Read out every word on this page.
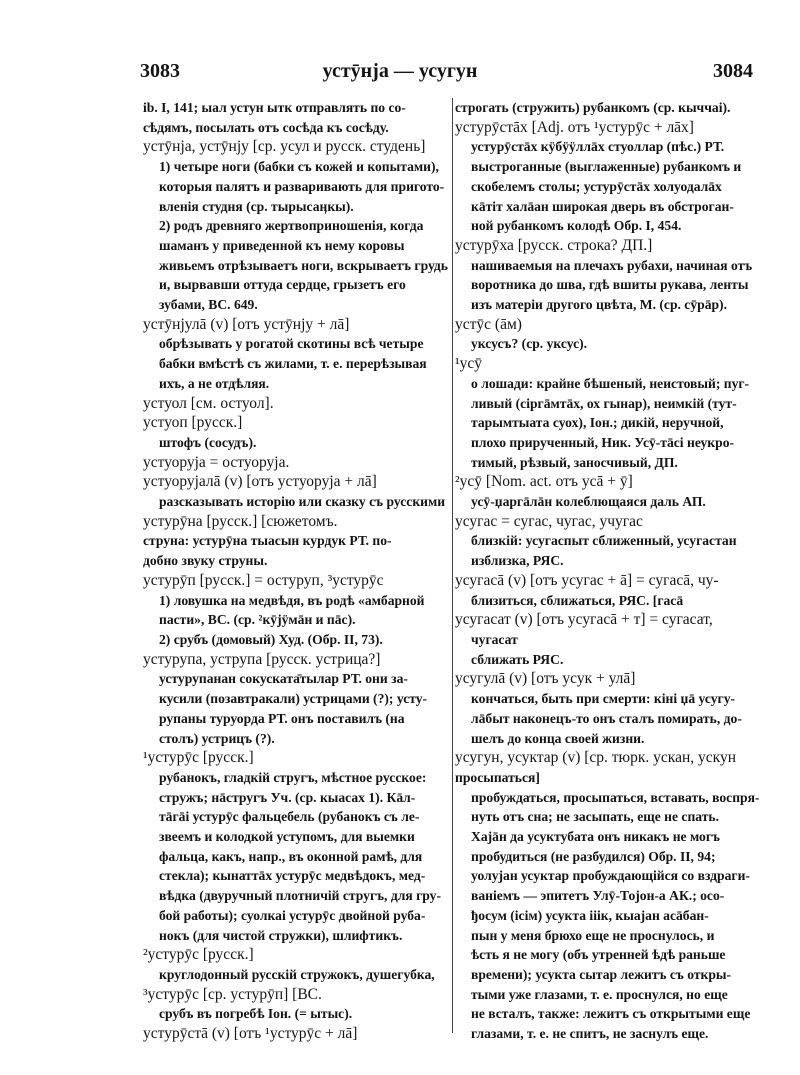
3083	устӯнја — усугун	3084

ib. I, 141; ыал устун ытк отправлять по со-

сѣдямъ, посылать отъ сосѣда къ сосѣду.

устӯнја, устӯнју [ср. усул и русск. студень]

1) четыре ноги (бабки съ кожей и копытами),

которыя палятъ и разваривають для пригото-

вленія студня (ср. тырысаӊкы).

2) родъ древняго жертвоприношенія, когда

шаманъ у приведенной къ нему коровы

живьемъ отрѣзываетъ ноги, вскрываетъ грудь

и, вырвавши оттуда сердце, грызетъ его

зубами, ВС. 649.

устӯнјулā (v) [отъ устӯнју + лā]

обрѣзывать у рогатой скотины всѣ четыре

бабки вмѣстѣ съ жилами, т. е. перерѣзывая

ихъ, а не отдѣляя.

устуол [см. остуол].

устуоп [русск.]

штофъ (сосудъ).

устуоруја = остуоруја.

устуоруjалā (v) [отъ устуоруја + лā]

разсказывать исторію или сказку съ русскими

устурӯна [русск.] [сюжетомъ.

струна: устурӯна тыасын курдук РТ. по-

добно звуку струны.

устурӯп [русск.] = остуруп, ³устурӯс

1) ловушка на медвѣдя, въ родѣ «амбарной

пасти», ВС. (ср. ²кӯјӱмāн и пāс).

2) срубъ (домовый) Худ. (Обр. II, 73).

устурупа, уструпа [русск. устрица?]

устурупанан сокуската̄тылар РТ. они за-

кусили (позавтракали) устрицами (?); усту-

рупаны туруорда РТ. онъ поставилъ (на

столъ) устрицъ (?).

¹устурӯс [русск.]

рубанокъ, гладкій стругъ, мѣстное русское:

стружъ; нāстругъ Уч. (ср. кыасах 1). Кāл-

тāгāі устурӯс фальцебель (рубанокъ съ ле-

звеемъ и колодкой уступомъ, для выемки

фальца, какъ, напр., въ оконной рамѣ, для

стекла); кынаттāх устурӯс медвѣдокъ, мед-

вѣдка (двуручный плотничій стругъ, для гру-

бой работы); суолкаі устурӯс двойной руба-

нокъ (для чистой стружки), шлифтикъ.

²устурӯс [русск.]

круглодонный русскій стружокъ, душегубка,

³устурӯс [ср. устурӯп] [ВС.

срубъ въ погребѣ Іон. (= ытыс).

устурӯстā (v) [отъ ¹устурӯс + лā]

строгать (стружить) рубанкомъ (ср. кыччаі).

устурӯстāх [Adj. отъ ¹устурӯс + лāх]

устурӯстāх кӱбӱӱллāх стуоллар (пѣс.) РТ.

выстроганные (выглаженные) рубанкомъ и

скобелемъ столы; устурӯстāх холуодалāх

кāтіт халāан широкая дверь въ обстроган-

ной рубанкомъ колодѣ Обр. I, 454.

устурӯха [русск. строка? ДП.]

нашиваемыя на плечахъ рубахи, начиная отъ

воротника до шва, гдѣ вшиты рукава, ленты

изъ матеріи другого цвѣта, М. (ср. сӯрāр).

устӯс (āм)

уксусъ? (ср. уксус).

¹усӯ

о лошади: крайне бѣшеный, неистовый; пуг-

ливый (сіргāмтāх, ох гынар), неимкій (тут-

тарымтыата суох), Іон.; дикій, неручной,

плохо прирученный, Ник. Усӯ-тāсі неукро-

тимый, рѣзвый, заносчивый, ДП.

²усӯ [Nom. act. отъ усā + ӯ]

усӯ-џаргāлāн колеблющаяся даль АП.

усугас = сугас, чугас, учугас

близкій: усугаспыт сближенный, усугастан

изблизка, РЯС.

усугасā (v) [отъ усугас + ā] = сугасā, чу-

близиться, сближаться, РЯС. [гасā

усугасат (v) [отъ усугасā + т] = сугасат,

чугасат

сближать РЯС.

усугулā (v) [отъ усук + улā]

кончаться, быть при смерти: кіні џā усугу-

лāбыт наконецъ-то онъ сталъ помирать, до-

шелъ до конца своей жизни.

усугун, усуктар (v) [ср. тюрк. ускан, ускун

просыпаться]

пробуждаться, просыпаться, вставать, воспря-

нуть отъ сна; не засыпать, еще не спать.

Хаjāн да усуктубата онъ никакъ не могъ

пробудиться (не разбудился) Обр. II, 94;

уолуjан усуктар пробуждающійся со вздраги-

ваніемъ — эпитетъ Улӯ-Тојон-а АК.; осо-

ђосум (ісім) усукта ііік, кыаjан асāбан-

пын у меня брюхо еще не проснулось, и

ѣсть я не могу (объ утренней ѣдѣ раньше

времени); усукта сытар лежитъ съ откры-

тыми уже глазами, т. е. проснулся, но еще

не всталъ, также: лежитъ съ открытыми еще

глазами, т. е. не спитъ, не заснулъ еще.
